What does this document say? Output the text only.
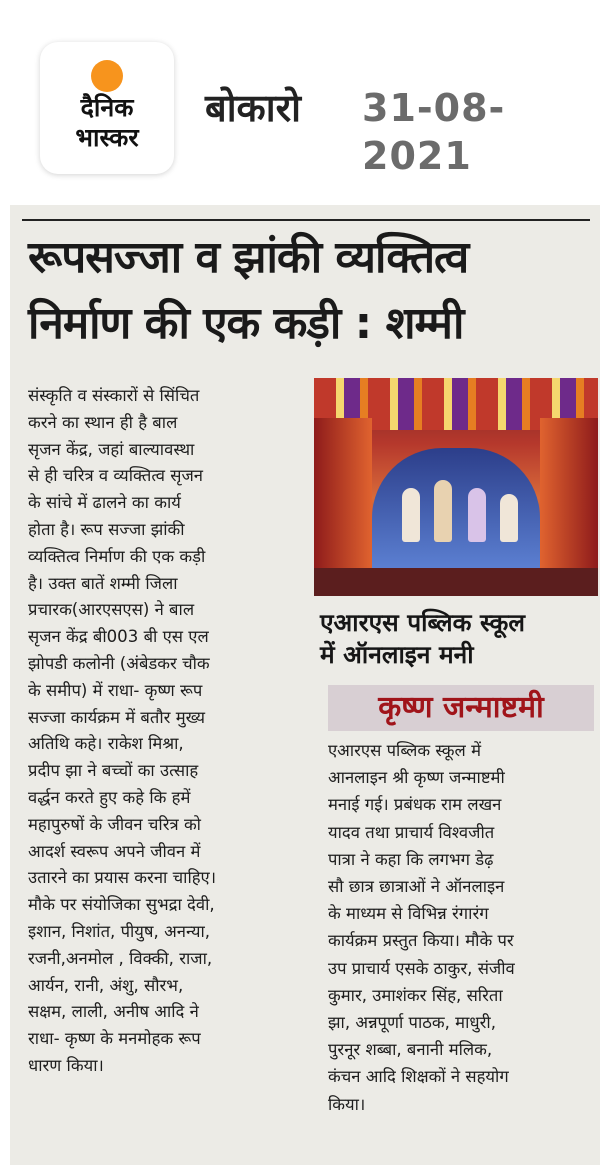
दैनिक
भास्कर
बोकारो 31-08-2021
रूपसज्जा व झांकी व्यक्तित्व
निर्माण की एक कड़ी : शम्मी

संस्कृति व संस्कारों से सिंचित

करने का स्थान ही है बाल

सृजन केंद्र, जहां बाल्यावस्था

से ही चरित्र व व्यक्तित्व सृजन

के सांचे में ढालने का कार्य

होता है। रूप सज्जा झांकी

व्यक्तित्व निर्माण की एक कड़ी

है। उक्त बातें शम्मी जिला

प्रचारक(आरएसएस) ने बाल

सृजन केंद्र बी003 बी एस एल

झोपडी कलोनी (अंबेडकर चौक

के समीप) में राधा- कृष्ण रूप

सज्जा कार्यक्रम में बतौर मुख्य

अतिथि कहे। राकेश मिश्रा,

प्रदीप झा ने बच्चों का उत्साह

वर्द्धन करते हुए कहे कि हमें

महापुरुषों के जीवन चरित्र को

आदर्श स्वरूप अपने जीवन में

उतारने का प्रयास करना चाहिए।

मौके पर संयोजिका सुभद्रा देवी,

इशान, निशांत, पीयुष, अनन्या,

रजनी,अनमोल , विक्की, राजा,

आर्यन, रानी, अंशु, सौरभ,

सक्षम, लाली, अनीष आदि ने

राधा- कृष्ण के मनमोहक रूप

धारण किया।

एआरएस पब्लिक स्कूल
में ऑनलाइन मनी
कृष्ण जन्माष्टमी

एआरएस पब्लिक स्कूल में

आनलाइन श्री कृष्ण जन्माष्टमी

मनाई गई। प्रबंधक राम लखन

यादव तथा प्राचार्य विश्वजीत

पात्रा ने कहा कि लगभग डेढ़

सौ छात्र छात्राओं ने ऑनलाइन

के माध्यम से विभिन्न रंगारंग

कार्यक्रम प्रस्तुत किया। मौके पर

उप प्राचार्य एसके ठाकुर, संजीव

कुमार, उमाशंकर सिंह, सरिता

झा, अन्नपूर्णा पाठक, माधुरी,

पुरनूर शब्बा, बनानी मलिक,

कंचन आदि शिक्षकों ने सहयोग

किया।
